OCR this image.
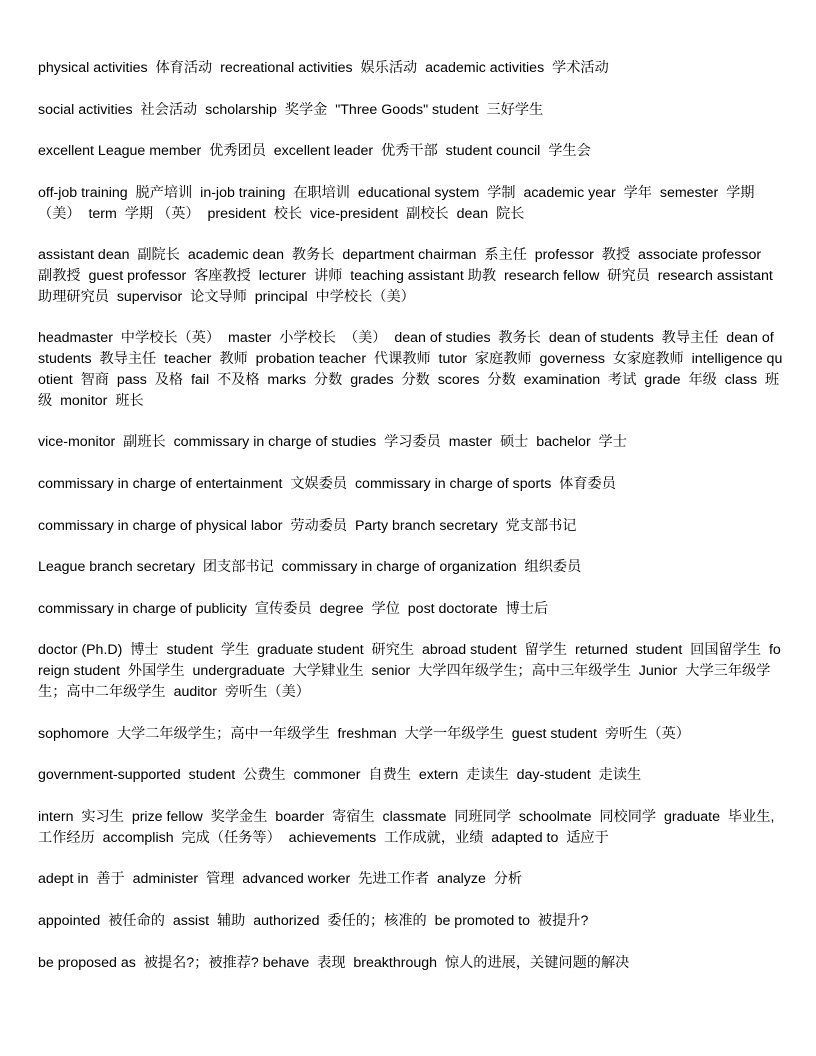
physical activities  体育活动  recreational activities  娱乐活动  academic activities  学术活动

social activities  社会活动  scholarship  奖学金  "Three Goods" student  三好学生

excellent League member  优秀团员  excellent leader  优秀干部  student council  学生会

off-job training  脱产培训  in-job training  在职培训  educational system  学制  academic year  学年  semester  学期（美）  term  学期 （英）  president  校长  vice-president  副校长  dean  院长

assistant dean  副院长  academic dean  教务长  department chairman  系主任  professor  教授  associate professor  副教授  guest professor  客座教授  lecturer  讲师  teaching assistant 助教  research fellow  研究员  research assistant  助理研究员  supervisor  论文导师  principal  中学校长（美）

headmaster  中学校长（英）  master  小学校长  （美）  dean of studies  教务长  dean of students  教导主任  dean of students  教导主任  teacher  教师  probation teacher  代课教师  tutor  家庭教师  governess  女家庭教师  intelligence quotient  智商  pass  及格  fail  不及格  marks  分数  grades  分数  scores  分数  examination  考试  grade  年级  class  班级  monitor  班长

vice-monitor  副班长  commissary in charge of studies  学习委员  master  硕士  bachelor  学士

commissary in charge of entertainment  文娱委员  commissary in charge of sports  体育委员

commissary in charge of physical labor  劳动委员  Party branch secretary  党支部书记

League branch secretary  团支部书记  commissary in charge of organization  组织委员

commissary in charge of publicity  宣传委员  degree  学位  post doctorate  博士后

doctor (Ph.D)  博士  student  学生  graduate student  研究生  abroad student  留学生  returned  student  回国留学生  foreign student  外国学生  undergraduate  大学肄业生  senior  大学四年级学生；高中三年级学生  Junior  大学三年级学生；高中二年级学生  auditor  旁听生（美）

sophomore  大学二年级学生；高中一年级学生  freshman  大学一年级学生  guest student  旁听生（英）

government-supported  student  公费生  commoner  自费生  extern  走读生  day-student  走读生

intern  实习生  prize fellow  奖学金生  boarder  寄宿生  classmate  同班同学  schoolmate  同校同学  graduate  毕业生, 工作经历  accomplish  完成（任务等）  achievements  工作成就，业绩  adapted to  适应于

adept in  善于  administer  管理  advanced worker  先进工作者  analyze  分析

appointed  被任命的  assist  辅助  authorized  委任的；核准的  be promoted to  被提升?

be proposed as  被提名?；被推荐? behave  表现  breakthrough  惊人的进展，关键问题的解决
